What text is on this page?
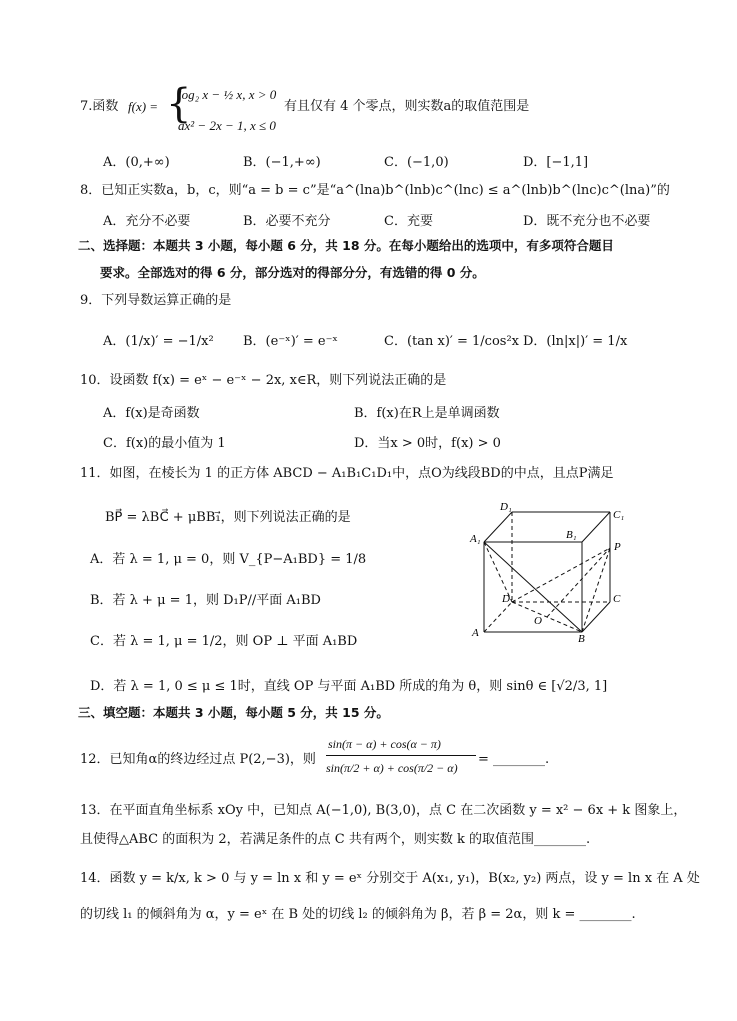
7.函数 f(x) = {
log₂ x − ½ x, x > 0
ax² − 2x − 1, x ≤ 0
有且仅有 4 个零点，则实数a的取值范围是
A．(0,+∞)	B．(−1,+∞)	C．(−1,0)	D．[−1,1]
8．已知正实数a，b，c，则“a = b = c”是“a^(lna)b^(lnb)c^(lnc) ≤ a^(lnb)b^(lnc)c^(lna)”的
A．充分不必要	B．必要不充分	C．充要	D．既不充分也不必要
二、选择题：本题共 3 小题，每小题 6 分，共 18 分。在每小题给出的选项中，有多项符合题目
要求。全部选对的得 6 分，部分选对的得部分分，有选错的得 0 分。
9．下列导数运算正确的是
A．(1/x)′ = −1/x² B．(e⁻ˣ)′ = e⁻ˣ	C．(tan x)′ = 1/cos²x D．(ln|x|)′ = 1/x
10．设函数 f(x) = eˣ − e⁻ˣ − 2x, x∈R，则下列说法正确的是
A．f(x)是奇函数	B．f(x)在R上是单调函数
C．f(x)的最小值为 1	D．当x > 0时，f(x) > 0
11．如图，在棱长为 1 的正方体 ABCD − A₁B₁C₁D₁中，点O为线段BD的中点，且点P满足
BP⃗ = λBC⃗ + μBB₁⃗，则下列说法正确的是
A．若 λ = 1, μ = 0，则 V_{P−A₁BD} = 1/8
B．若 λ + μ = 1，则 D₁P//平面 A₁BD
C．若 λ = 1, μ = 1/2，则 OP ⊥ 平面 A₁BD
D．若 λ = 1, 0 ≤ μ ≤ 1时，直线 OP 与平面 A₁BD 所成的角为 θ，则 sinθ ∈ [√2/3, 1]
D₁
C₁
A₁	B₁
P
D	C
O
A	B
三、填空题：本题共 3 小题，每小题 5 分，共 15 分。
12．已知角α的终边经过点 P(2,−3)，则
sin(π − α) + cos(α − π)
sin(π/2 + α) + cos(π/2 − α)
= ________.
13．在平面直角坐标系 xOy 中，已知点 A(−1,0), B(3,0)，点 C 在二次函数 y = x² − 6x + k 图象上，
且使得△ABC 的面积为 2，若满足条件的点 C 共有两个，则实数 k 的取值范围________.
14．函数 y = k/x, k > 0 与 y = ln x 和 y = eˣ 分别交于 A(x₁, y₁)，B(x₂, y₂) 两点，设 y = ln x 在 A 处
的切线 l₁ 的倾斜角为 α，y = eˣ 在 B 处的切线 l₂ 的倾斜角为 β，若 β = 2α，则 k = ________.
